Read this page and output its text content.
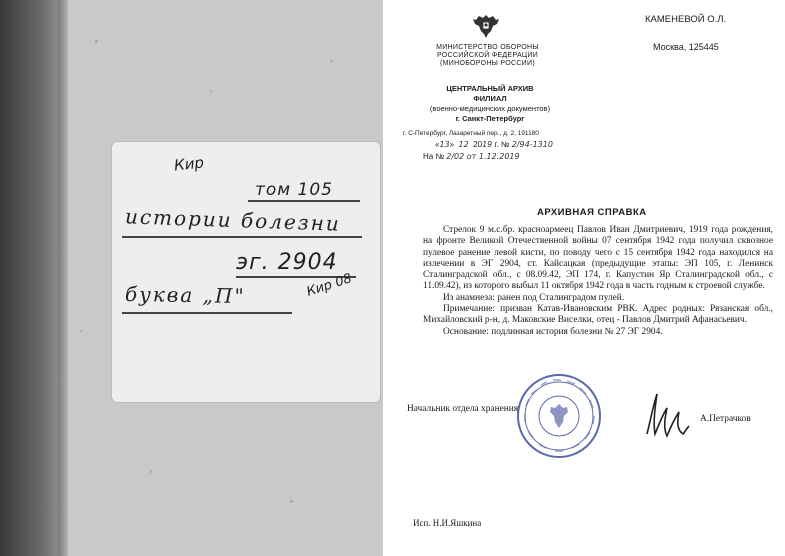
Кир
том 105
истории болезни
эг. 2904
буква „П"	Кир 08
МИНИСТЕРСТВО ОБОРОНЫ
РОССИЙСКОЙ ФЕДЕРАЦИИ
(МИНОБОРОНЫ РОССИИ)
ЦЕНТРАЛЬНЫЙ АРХИВ
ФИЛИАЛ
(военно-медицинских документов)
г. Санкт-Петербург
г. С-Петербург, Лазаретный пер., д. 2, 191180
«13»  12 2019 г. № 2/94-1310
На № 2/02 от 1.12.2019
КАМЕНЕВОЙ О.Л.
Москва, 125445
АРХИВНАЯ СПРАВКА

Стрелок 9 м.с.бр. красноармеец Павлов Иван Дмитриевич, 1919 года рождения, на фронте Великой Отечественной войны 07 сентября 1942 года получил сквозное пулевое ранение левой кисти, по поводу чего с 15 сентября 1942 года находился на излечении в ЭГ 2904, ст. Кайсацкая (предыдущие этапы: ЭП 105, г. Ленинск Сталинградской обл., с 08.09.42, ЭП 174, г. Капустин Яр Сталинградской обл., с 11.09.42), из которого выбыл 11 октября 1942 года в часть годным к строевой службе.

Из анамнеза: ранен под Сталинградом пулей.

Примечание: призван Катав-Ивановским РВК. Адрес родных: Рязанская обл., Михайловский р-н, д. Маковские Виселки, отец - Павлов Дмитрий Афанасьевич.

Основание: подлинная история болезни № 27 ЭГ 2904.

Начальник отдела хранения
А.Петрачков
Исп. Н.И.Яшкина
